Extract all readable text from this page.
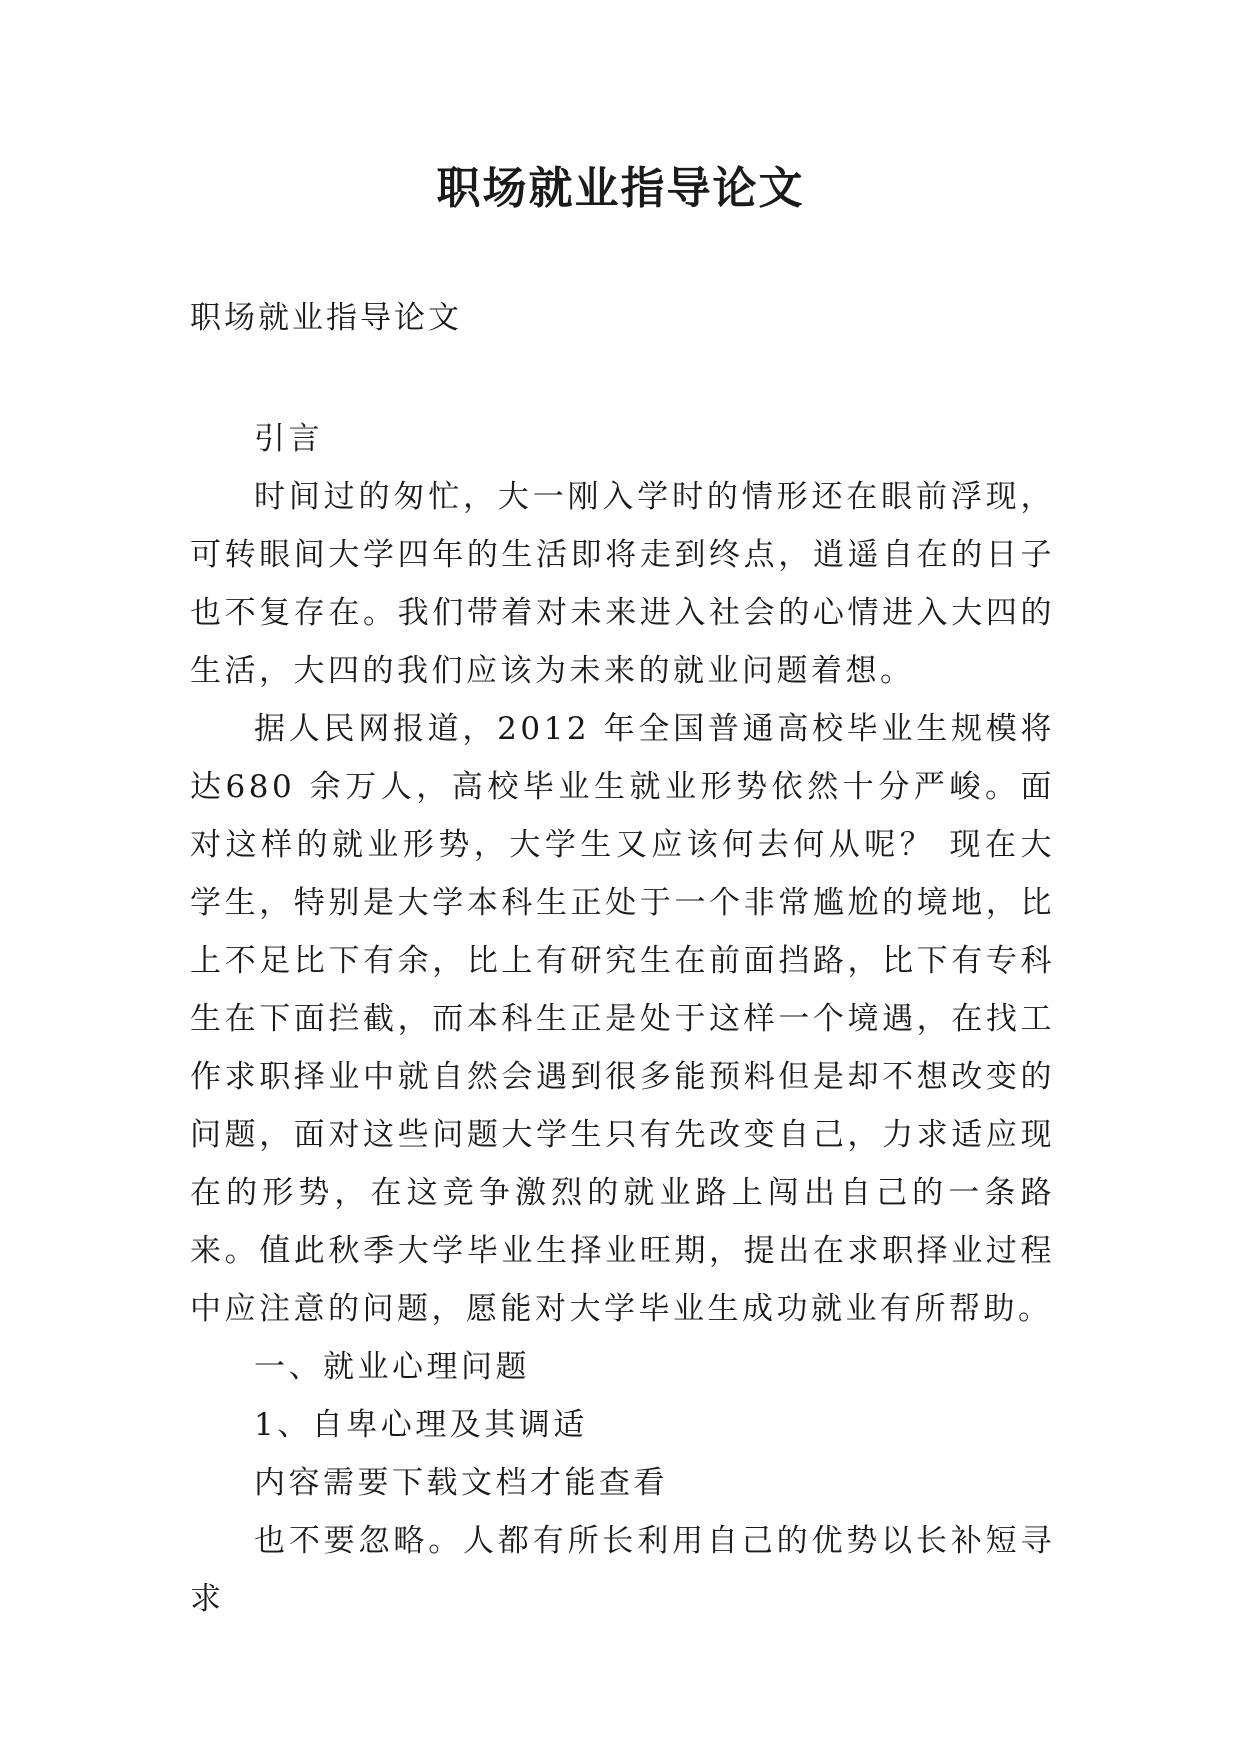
职场就业指导论文

职场就业指导论文

引言

时间过的匆忙，大一刚入学时的情形还在眼前浮现，可转眼间大学四年的生活即将走到终点，逍遥自在的日子也不复存在。我们带着对未来进入社会的心情进入大四的生活，大四的我们应该为未来的就业问题着想。

据人民网报道，2012 年全国普通高校毕业生规模将达680 余万人，高校毕业生就业形势依然十分严峻。面对这样的就业形势，大学生又应该何去何从呢？ 现在大学生，特别是大学本科生正处于一个非常尴尬的境地，比上不足比下有余，比上有研究生在前面挡路，比下有专科生在下面拦截，而本科生正是处于这样一个境遇，在找工作求职择业中就自然会遇到很多能预料但是却不想改变的问题，面对这些问题大学生只有先改变自己，力求适应现在的形势，在这竞争激烈的就业路上闯出自己的一条路来。值此秋季大学毕业生择业旺期，提出在求职择业过程中应注意的问题，愿能对大学毕业生成功就业有所帮助。

一、就业心理问题

1、自卑心理及其调适

内容需要下载文档才能查看

也不要忽略。人都有所长利用自己的优势以长补短寻求
